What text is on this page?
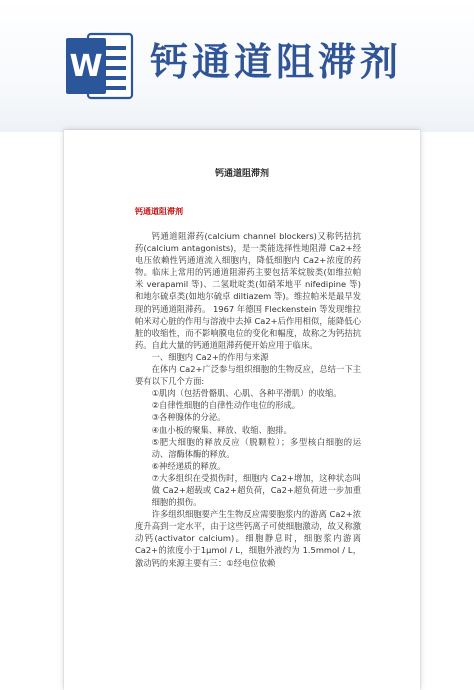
W 钙通道阻滞剂
钙通道阻滞剂
钙通道阻滞剂

钙通道阻滞药(calcium channel blockers)又称钙拮抗药(calcium antagonists)，是一类能选择性地阻滞 Ca2+经电压依赖性钙通道流入细胞内，降低细胞内 Ca2+浓度的药物。临床上常用的钙通道阻滞药主要包括苯烷胺类(如维拉帕米 verapamil 等)、二氢吡啶类(如硝苯地平 nifedipine 等)和地尔硫卓类(如地尔硫卓 diltiazem 等)。维拉帕米是最早发现的钙通道阻滞药。 1967 年德国 Fleckenstein 等发现维拉帕米对心脏的作用与溶液中去掉 Ca2+后作用相似，能降低心脏的收缩性，而不影响膜电位的变化和幅度，故称之为钙拮抗药。自此大量的钙通道阻滞药便开始应用于临床。

一、细胞内 Ca2+的作用与来源

在体内 Ca2+广泛参与组织细胞的生物反应，总结一下主要有以下几个方面:

①肌肉（包括骨骼肌、心肌、各种平滑肌）的收缩。

②自律性细胞的自律性动作电位的形成。

③各种腺体的分泌。

④血小板的聚集、释放、收缩、胞排。

⑤肥大细胞的释放反应（脱颗粒）；多型核白细胞的运动、溶酶体酶的释放。

⑥神经递质的释放。

⑦大多组织在受损伤时，细胞内 Ca2+增加，这种状态叫做 Ca2+超载或 Ca2+超负荷，Ca2+超负荷进一步加重细胞的损伤。

许多组织细胞要产生生物反应需要胞浆内的游离 Ca2+浓度升高到一定水平，由于这些钙离子可使细胞激动，故又称激动钙(activator calcium)。细胞静息时，细胞浆内游离 Ca2+的浓度小于1μmol / L，细胞外液约为 1.5mmol / L，激动钙的来源主要有三：①经电位依赖
